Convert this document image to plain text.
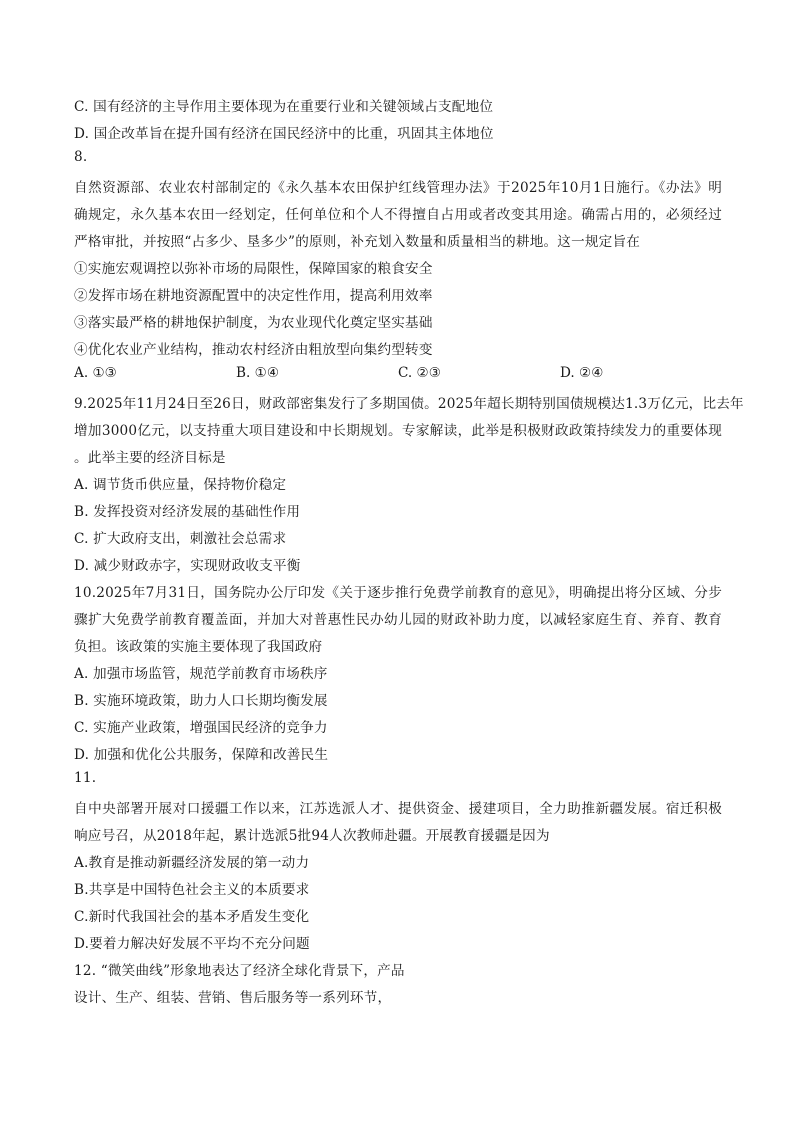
C. 国有经济的主导作用主要体现为在重要行业和关键领域占支配地位
D. 国企改革旨在提升国有经济在国民经济中的比重，巩固其主体地位
8.
自然资源部、农业农村部制定的《永久基本农田保护红线管理办法》于2025年10月1日施行。《办法》明
确规定，永久基本农田一经划定，任何单位和个人不得擅自占用或者改变其用途。确需占用的，必须经过
严格审批，并按照“占多少、垦多少”的原则，补充划入数量和质量相当的耕地。这一规定旨在
①实施宏观调控以弥补市场的局限性，保障国家的粮食安全
②发挥市场在耕地资源配置中的决定性作用，提高利用效率
③落实最严格的耕地保护制度，为农业现代化奠定坚实基础
④优化农业产业结构，推动农村经济由粗放型向集约型转变
A. ①③	B. ①④	C. ②③	D. ②④
9.2025年11月24日至26日，财政部密集发行了多期国债。2025年超长期特别国债规模达1.3万亿元，比去年
增加3000亿元，以支持重大项目建设和中长期规划。专家解读，此举是积极财政政策持续发力的重要体现
。此举主要的经济目标是
A. 调节货币供应量，保持物价稳定
B. 发挥投资对经济发展的基础性作用
C. 扩大政府支出，刺激社会总需求
D. 减少财政赤字，实现财政收支平衡
10.2025年7月31日，国务院办公厅印发《关于逐步推行免费学前教育的意见》，明确提出将分区域、分步
骤扩大免费学前教育覆盖面，并加大对普惠性民办幼儿园的财政补助力度，以减轻家庭生育、养育、教育
负担。该政策的实施主要体现了我国政府
A. 加强市场监管，规范学前教育市场秩序
B. 实施环境政策，助力人口长期均衡发展
C. 实施产业政策，增强国民经济的竞争力
D. 加强和优化公共服务，保障和改善民生
11.
自中央部署开展对口援疆工作以来，江苏选派人才、提供资金、援建项目，全力助推新疆发展。宿迁积极
响应号召，从2018年起，累计选派5批94人次教师赴疆。开展教育援疆是因为
A.教育是推动新疆经济发展的第一动力
B.共享是中国特色社会主义的本质要求
C.新时代我国社会的基本矛盾发生变化
D.要着力解决好发展不平均不充分问题
12. “微笑曲线”形象地表达了经济全球化背景下，产品
设计、生产、组装、营销、售后服务等一系列环节，
